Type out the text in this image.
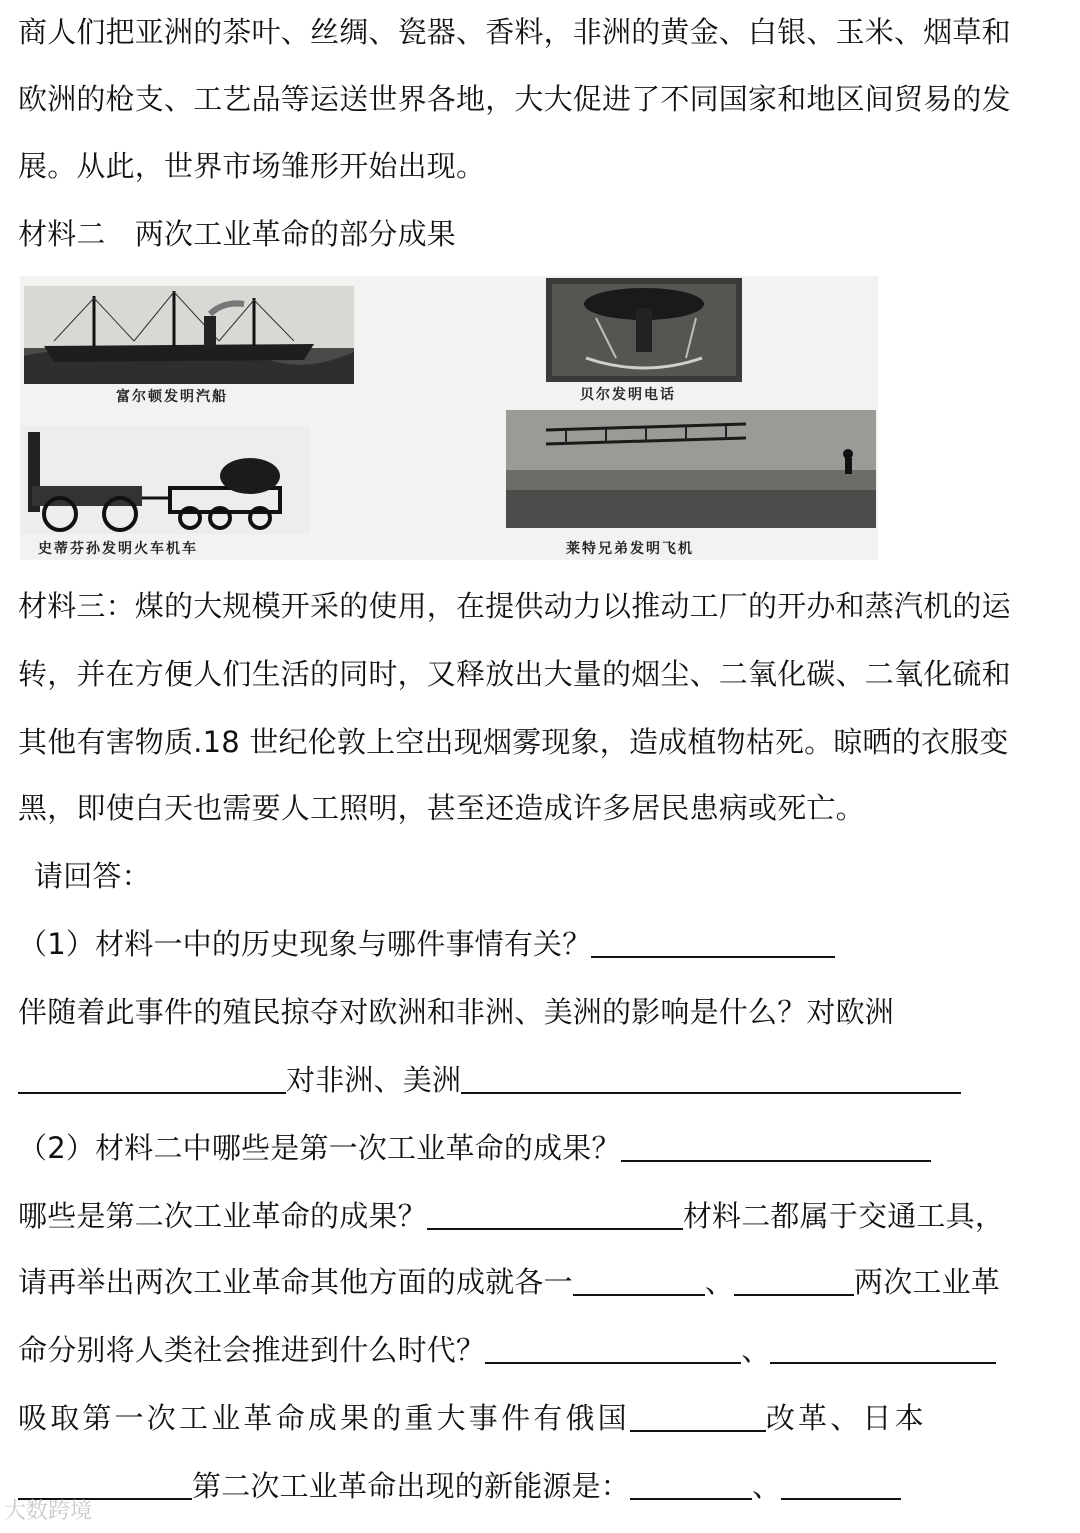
商人们把亚洲的茶叶、丝绸、瓷器、香料，非洲的黄金、白银、玉米、烟草和
欧洲的枪支、工艺品等运送世界各地，大大促进了不同国家和地区间贸易的发
展。从此，世界市场雏形开始出现。
材料二　两次工业革命的部分成果
富尔顿发明汽船	贝尔发明电话
史蒂芬孙发明火车机车	莱特兄弟发明飞机
材料三：煤的大规模开采的使用，在提供动力以推动工厂的开办和蒸汽机的运
转，并在方便人们生活的同时，又释放出大量的烟尘、二氧化碳、二氧化硫和
其他有害物质.18 世纪伦敦上空出现烟雾现象，造成植物枯死。晾晒的衣服变
黑，即使白天也需要人工照明，甚至还造成许多居民患病或死亡。
请回答：
（1）材料一中的历史现象与哪件事情有关？
伴随着此事件的殖民掠夺对欧洲和非洲、美洲的影响是什么？对欧洲
对非洲、美洲
（2）材料二中哪些是第一次工业革命的成果？
哪些是第二次工业革命的成果？	材料二都属于交通工具，
请再举出两次工业革命其他方面的成就各一	、	两次工业革
命分别将人类社会推进到什么时代？	、
吸取第一次工业革命成果的重大事件有俄国	改革、日本
第二次工业革命出现的新能源是：	、
大数跨境
